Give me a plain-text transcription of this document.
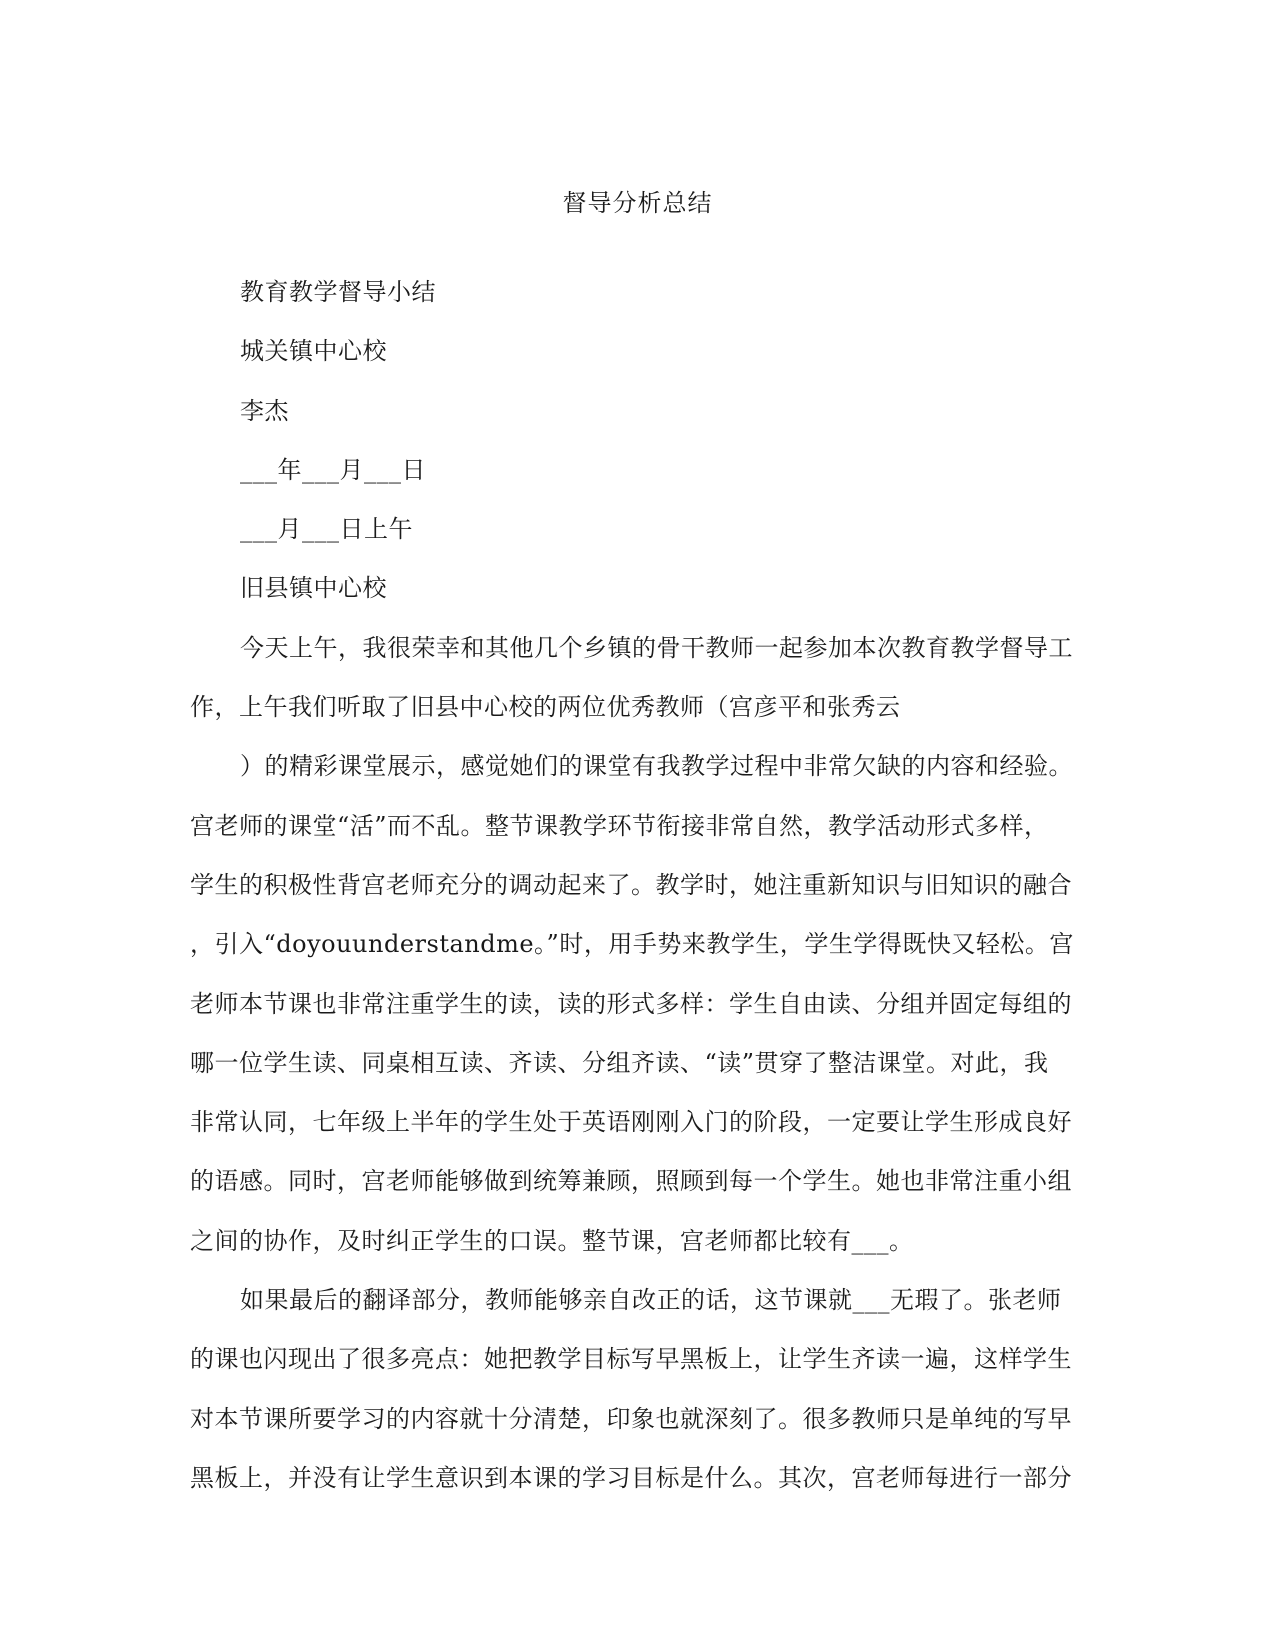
督导分析总结
教育教学督导小结
城关镇中心校
李杰
___年___月___日
___月___日上午
旧县镇中心校
今天上午，我很荣幸和其他几个乡镇的骨干教师一起参加本次教育教学督导工
作，上午我们听取了旧县中心校的两位优秀教师（宫彦平和张秀云
）的精彩课堂展示，感觉她们的课堂有我教学过程中非常欠缺的内容和经验。
宫老师的课堂“活”而不乱。整节课教学环节衔接非常自然，教学活动形式多样，
学生的积极性背宫老师充分的调动起来了。教学时，她注重新知识与旧知识的融合
，引入“doyouunderstandme。”时，用手势来教学生，学生学得既快又轻松。宫
老师本节课也非常注重学生的读，读的形式多样：学生自由读、分组并固定每组的
哪一位学生读、同桌相互读、齐读、分组齐读、“读”贯穿了整洁课堂。对此，我
非常认同，七年级上半年的学生处于英语刚刚入门的阶段，一定要让学生形成良好
的语感。同时，宫老师能够做到统筹兼顾，照顾到每一个学生。她也非常注重小组
之间的协作，及时纠正学生的口误。整节课，宫老师都比较有___。
如果最后的翻译部分，教师能够亲自改正的话，这节课就___无瑕了。张老师
的课也闪现出了很多亮点：她把教学目标写早黑板上，让学生齐读一遍，这样学生
对本节课所要学习的内容就十分清楚，印象也就深刻了。很多教师只是单纯的写早
黑板上，并没有让学生意识到本课的学习目标是什么。其次，宫老师每进行一部分
